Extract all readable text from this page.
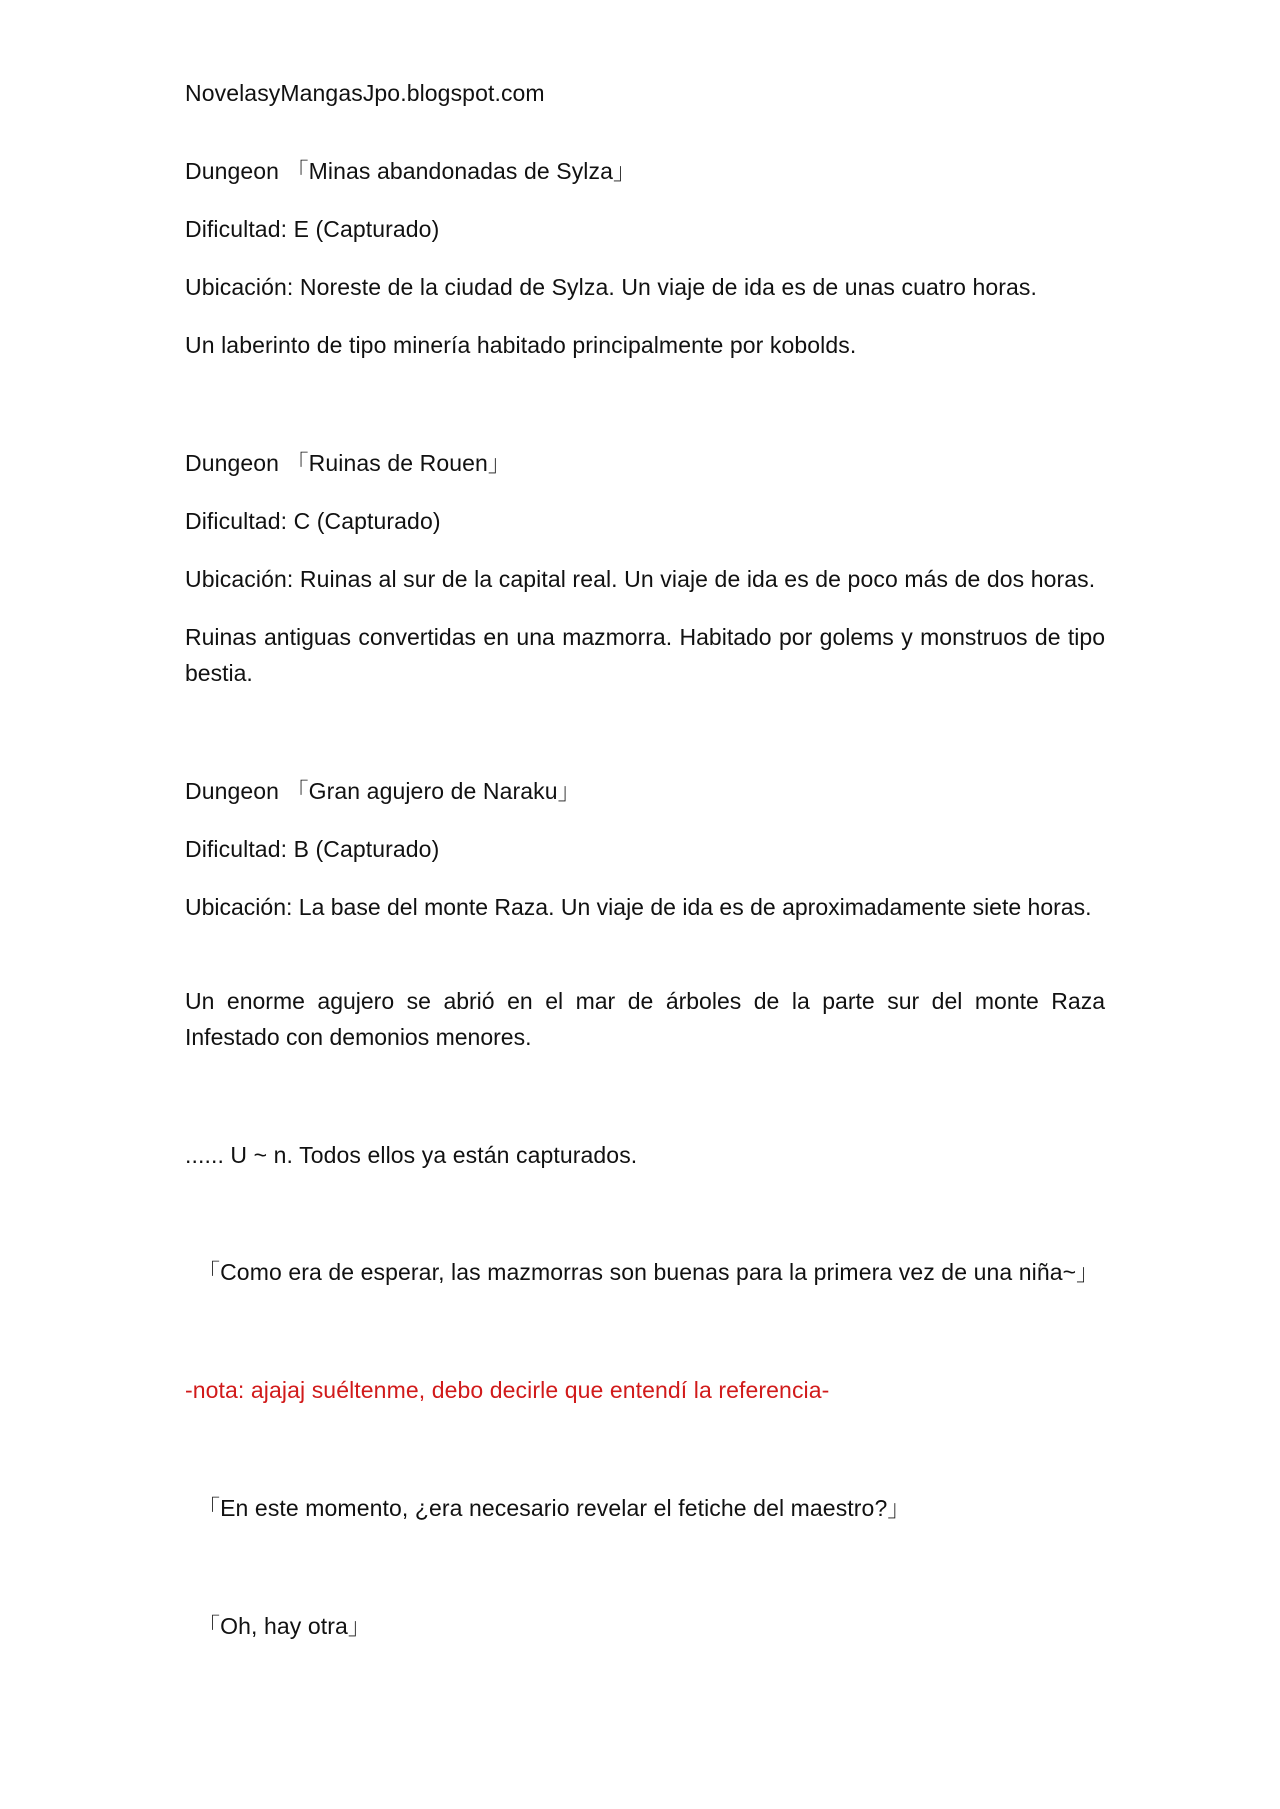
NovelasyMangasJpo.blogspot.com
Dungeon 「Minas abandonadas de Sylza」
Dificultad: E (Capturado)
Ubicación: Noreste de la ciudad de Sylza. Un viaje de ida es de unas cuatro horas.
Un laberinto de tipo minería habitado principalmente por kobolds.
Dungeon 「Ruinas de Rouen」
Dificultad: C (Capturado)
Ubicación: Ruinas al sur de la capital real. Un viaje de ida es de poco más de dos horas.
Ruinas antiguas convertidas en una mazmorra. Habitado por golems y monstruos de tipo bestia.
Dungeon 「Gran agujero de Naraku」
Dificultad: B (Capturado)
Ubicación: La base del monte Raza. Un viaje de ida es de aproximadamente siete horas.
Un enorme agujero se abrió en el mar de árboles de la parte sur del monte Raza Infestado con demonios menores.
...... U ~ n. Todos ellos ya están capturados.
「Como era de esperar, las mazmorras son buenas para la primera vez de una niña~」
-nota: ajajaj suéltenme, debo decirle que entendí la referencia-
「En este momento, ¿era necesario revelar el fetiche del maestro?」
「Oh, hay otra」
